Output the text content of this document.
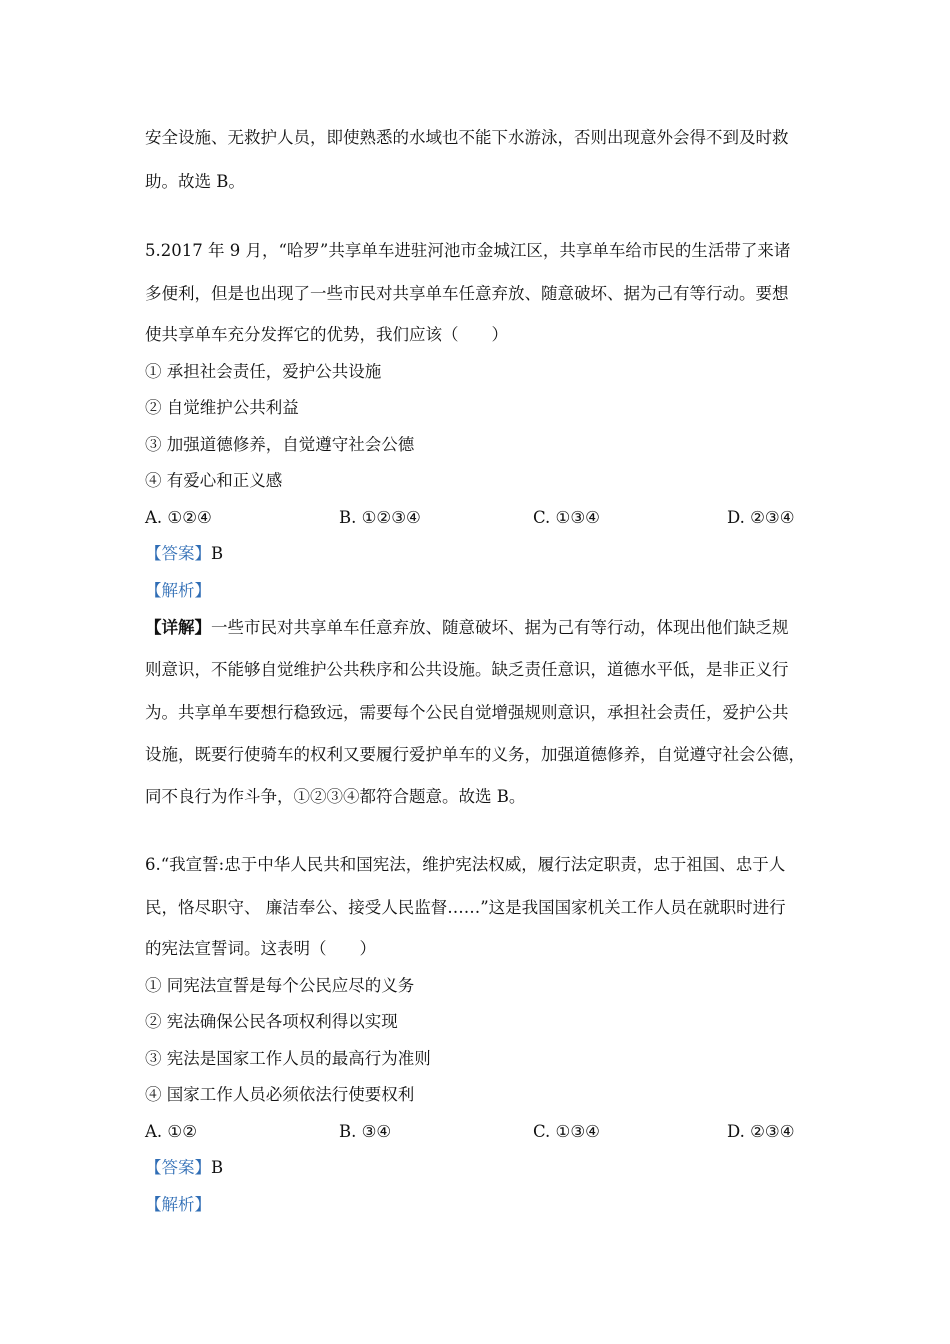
安全设施、无救护人员，即使熟悉的水域也不能下水游泳，否则出现意外会得不到及时救
助。故选 B。
5.2017 年 9 月，“哈罗”共享单车进驻河池市金城江区，共享单车给市民的生活带了来诸
多便利，但是也出现了一些市民对共享单车任意弃放、随意破坏、据为己有等行动。要想
使共享单车充分发挥它的优势，我们应该（　　）
① 承担社会责任，爱护公共设施
② 自觉维护公共利益
③ 加强道德修养，自觉遵守社会公德
④ 有爱心和正义感
A. ①②④	B. ①②③④	C. ①③④	D. ②③④
【答案】B
【解析】
【详解】一些市民对共享单车任意弃放、随意破坏、据为己有等行动，体现出他们缺乏规
则意识，不能够自觉维护公共秩序和公共设施。缺乏责任意识，道德水平低，是非正义行
为。共享单车要想行稳致远，需要每个公民自觉增强规则意识，承担社会责任，爱护公共
设施，既要行使骑车的权利又要履行爱护单车的义务，加强道德修养，自觉遵守社会公德，
同不良行为作斗争，①②③④都符合题意。故选 B。
6.“我宣誓:忠于中华人民共和国宪法，维护宪法权威，履行法定职责，忠于祖国、忠于人
民，恪尽职守、 廉洁奉公、接受人民监督……”这是我国国家机关工作人员在就职时进行
的宪法宣誓词。这表明（　　）
① 同宪法宣誓是每个公民应尽的义务
② 宪法确保公民各项权利得以实现
③ 宪法是国家工作人员的最高行为准则
④ 国家工作人员必须依法行使要权利
A. ①②	B. ③④	C. ①③④	D. ②③④
【答案】B
【解析】
